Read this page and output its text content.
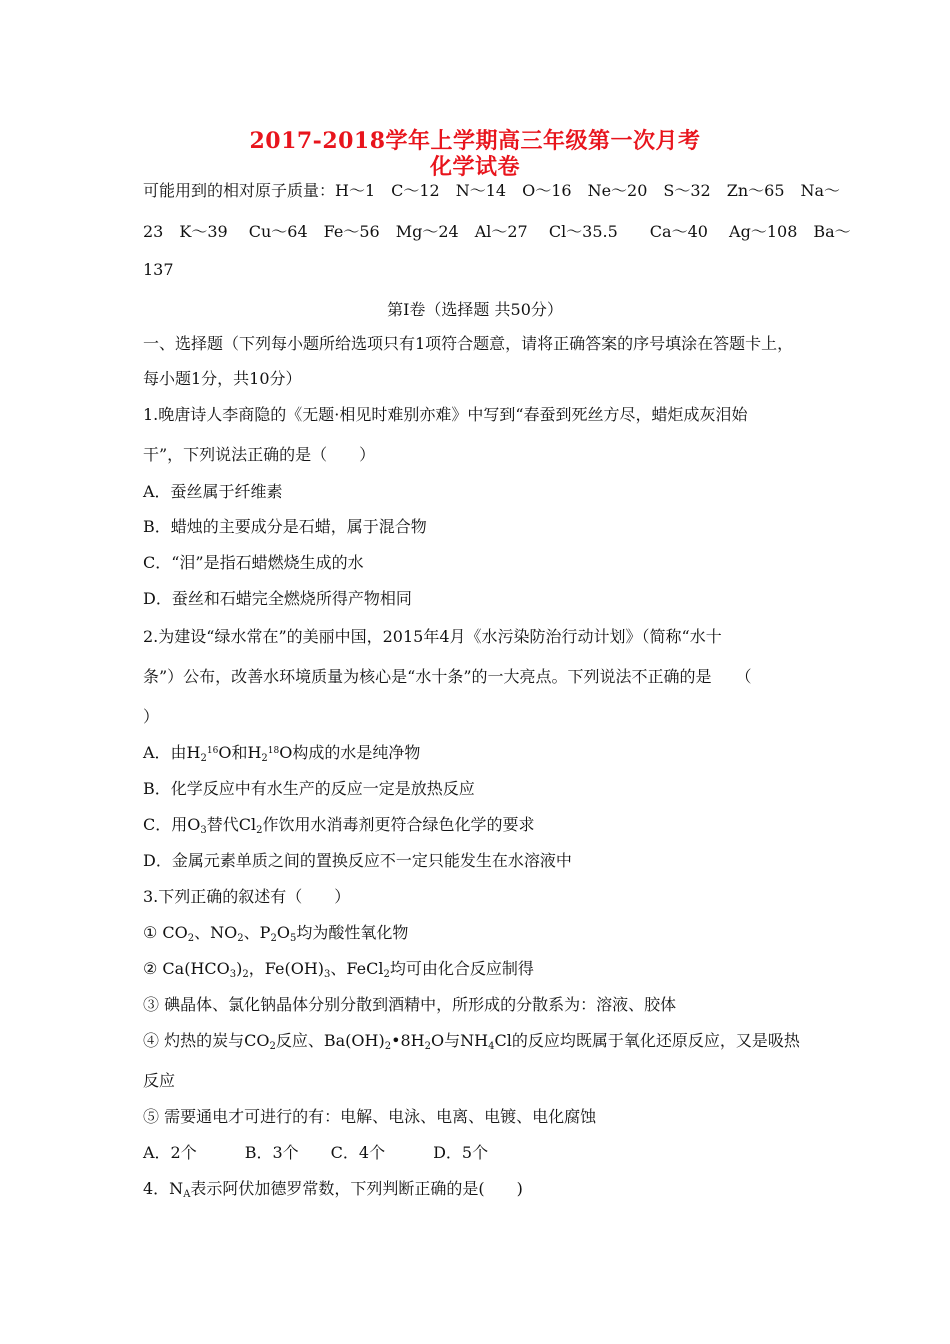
2017-2018学年上学期高三年级第一次月考
化学试卷
可能用到的相对原子质量：H～1　C～12　N～14　O～16　Ne～20　S～32　Zn～65　Na～
23　K～39　 Cu～64　Fe～56　Mg～24　Al～27　 Cl～35.5　　Ca～40　 Ag～108　Ba～
137
第Ⅰ卷（选择题 共50分）
一、选择题（下列每小题所给选项只有1项符合题意，请将正确答案的序号填涂在答题卡上，
每小题1分，共10分）
1.晚唐诗人李商隐的《无题·相见时难别亦难》中写到“春蚕到死丝方尽，蜡炬成灰泪始
干”，下列说法正确的是（　　）
A．蚕丝属于纤维素
B．蜡烛的主要成分是石蜡，属于混合物
C．“泪”是指石蜡燃烧生成的水
D．蚕丝和石蜡完全燃烧所得产物相同
2.为建设“绿水常在”的美丽中国，2015年4月《水污染防治行动计划》（简称“水十
条”）公布，改善水环境质量为核心是“水十条”的一大亮点。下列说法不正确的是　　（
）
A．由$H_2^{16}O$和$H_2^{18}O$构成的水是纯净物
B．化学反应中有水生产的反应一定是放热反应
C．用$O_3$替代$Cl_2$作饮用水消毒剂更符合绿色化学的要求
D．金属元素单质之间的置换反应不一定只能发生在水溶液中
3.下列正确的叙述有（　　）
① $CO_2$、$NO_2$、$P_2O_5$均为酸性氧化物
② $Ca(HCO_3)_2$，$Fe(OH)_3$、FeCl$_2$均可由化合反应制得
③ 碘晶体、氯化钠晶体分别分散到酒精中，所形成的分散系为：溶液、胶体
④ 灼热的炭与$CO_2$反应、$Ba(OH)_2•8H_2O$与$NH_4Cl$的反应均既属于氧化还原反应，又是吸热
反应
⑤ 需要通电才可进行的有：电解、电泳、电离、电镀、电化腐蚀
A．2个　　　B．3个　　C．4个　　　D．5个
4．$N_A$表示阿伏加德罗常数，下列判断正确的是(　　)
